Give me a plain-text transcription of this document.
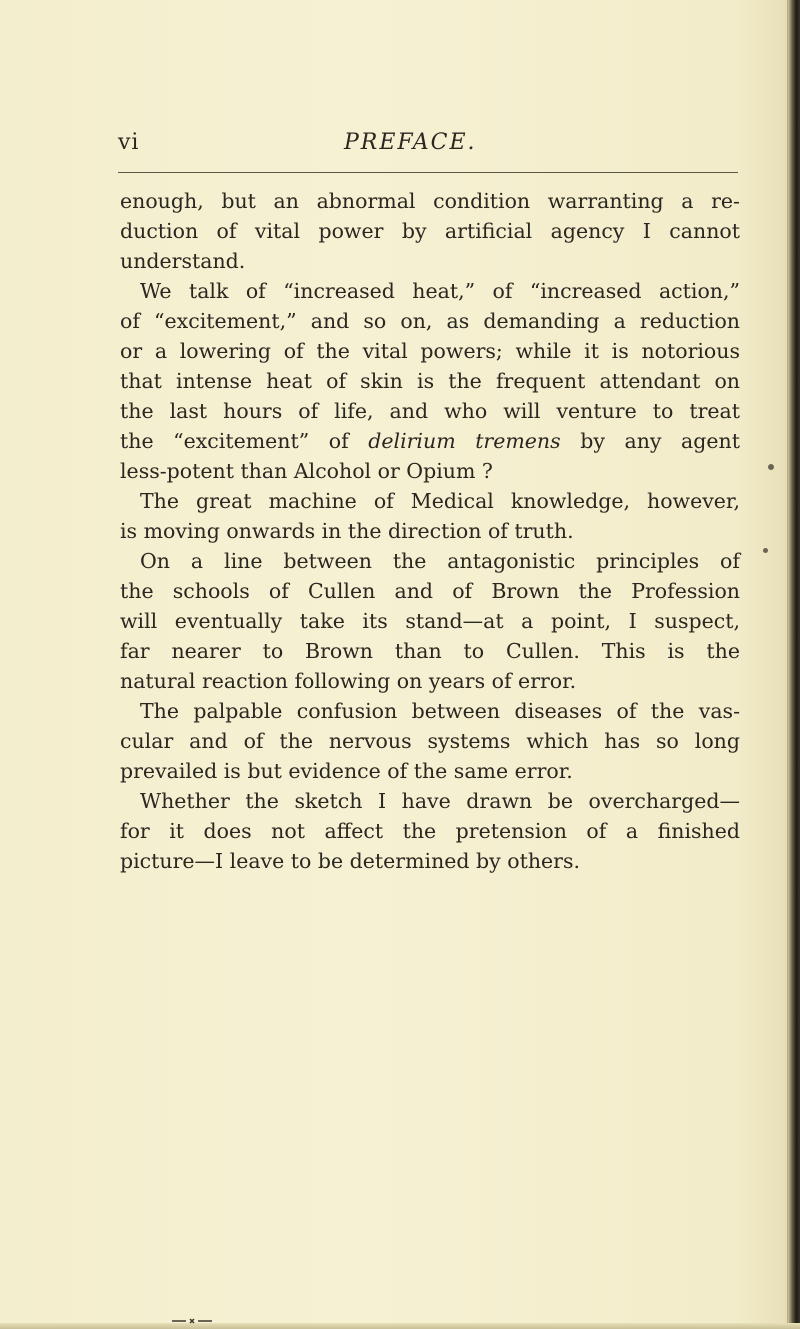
vi	PREFACE.
enough, but an abnormal condition warranting a re-
duction of vital power by artificial agency I cannot
understand.
We talk of “increased heat,” of “increased action,”
of “excitement,” and so on, as demanding a reduction
or a lowering of the vital powers; while it is notorious
that intense heat of skin is the frequent attendant on
the last hours of life, and who will venture to treat
the “excitement” of delirium tremens by any agent
less-potent than Alcohol or Opium ?
The great machine of Medical knowledge, however,
is moving onwards in the direction of truth.
On a line between the antagonistic principles of
the schools of Cullen and of Brown the Profession
will eventually take its stand—at a point, I suspect,
far nearer to Brown than to Cullen. This is the
natural reaction following on years of error.
The palpable confusion between diseases of the vas-
cular and of the nervous systems which has so long
prevailed is but evidence of the same error.
Whether the sketch I have drawn be overcharged—
for it does not affect the pretension of a finished
picture—I leave to be determined by others.
